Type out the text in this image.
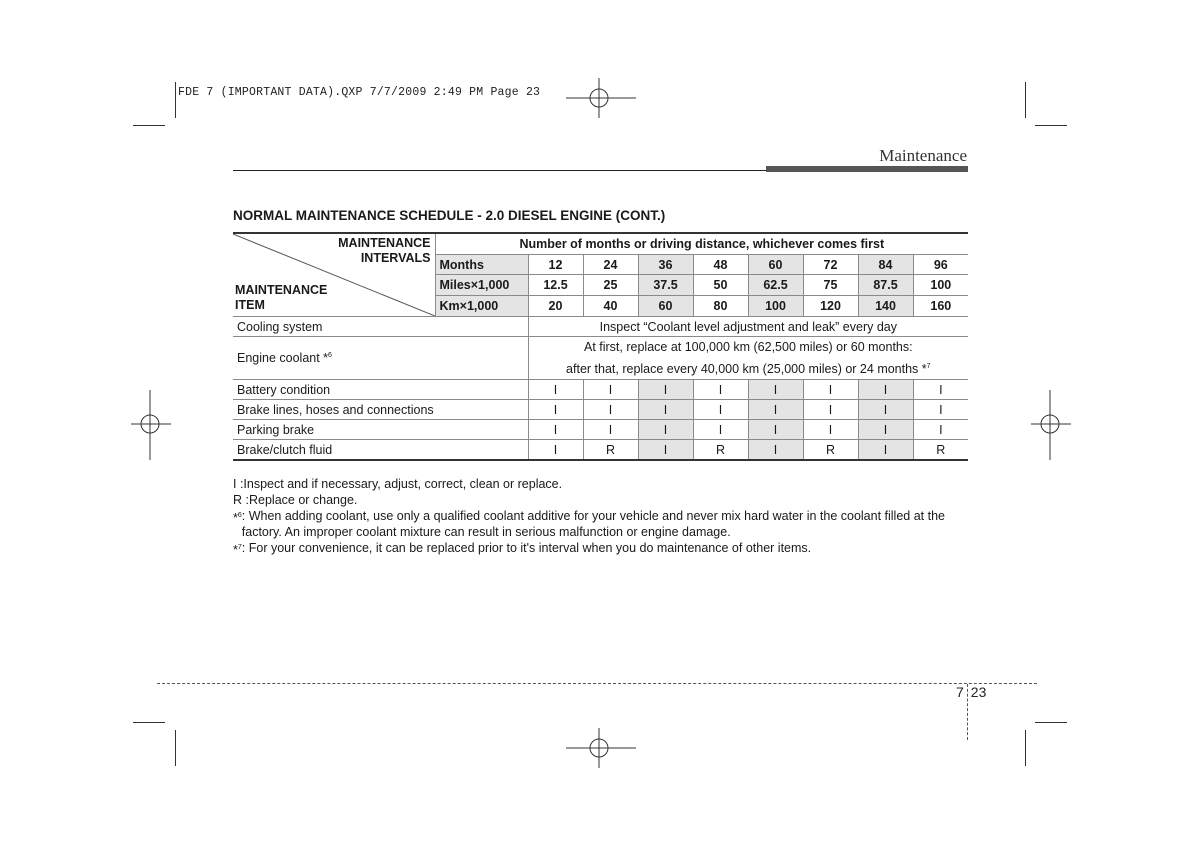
FDE 7 (IMPORTANT DATA).QXP 7/7/2009 2:49 PM Page 23
Maintenance
NORMAL MAINTENANCE SCHEDULE - 2.0 DIESEL ENGINE (CONT.)
MAINTENANCE INTERVALS
MAINTENANCE ITEM	Number of months or driving distance, whichever comes first								
	Months	12	24	36	48	60	72	84	96
	Miles×1,000	12.5	25	37.5	50	62.5	75	87.5	100
	Km×1,000	20	40	60	80	100	120	140	160
Cooling system		Inspect “Coolant level adjustment and leak” every day							
Engine coolant *$^6$		At first, replace at 100,000 km (62,500 miles) or 60 months:
after that, replace every 40,000 km (25,000 miles) or 24 months *$^7$

Battery condition		I	I	I	I	I	I	I	I
Brake lines, hoses and connections		I	I	I	I	I	I	I	I
Parking brake		I	I	I	I	I	I	I	I
Brake/clutch fluid		I	R	I	R	I	R	I	R
I : Inspect and if necessary, adjust, correct, clean or replace.
R : Replace or change.
*$^6$ : When adding coolant, use only a qualified coolant additive for your vehicle and never mix hard water in the coolant filled at the factory. An improper coolant mixture can result in serious malfunction or engine damage.
*$^7$ : For your convenience, it can be replaced prior to it's interval when you do maintenance of other items.
7 23
